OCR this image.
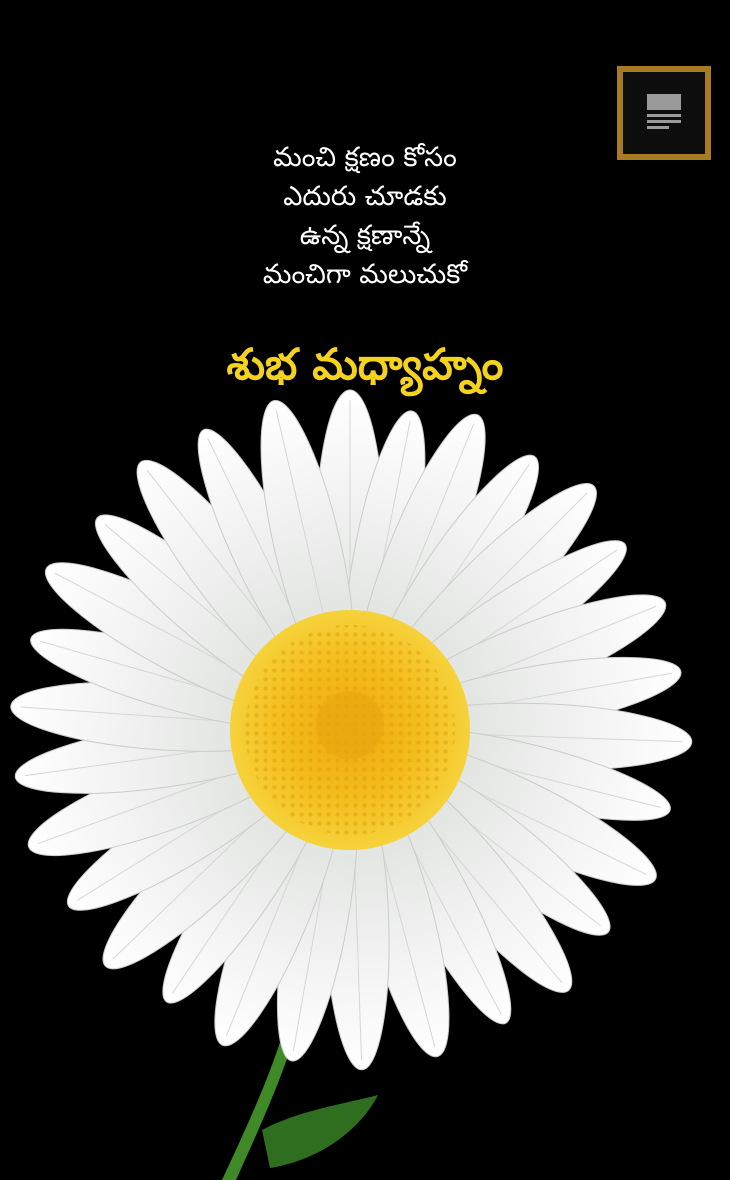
మంచి క్షణం కోసం
ఎదురు చూడకు
ఉన్న క్షణాన్నే
మంచిగా మలుచుకో
శుభ మధ్యాహ్నం
